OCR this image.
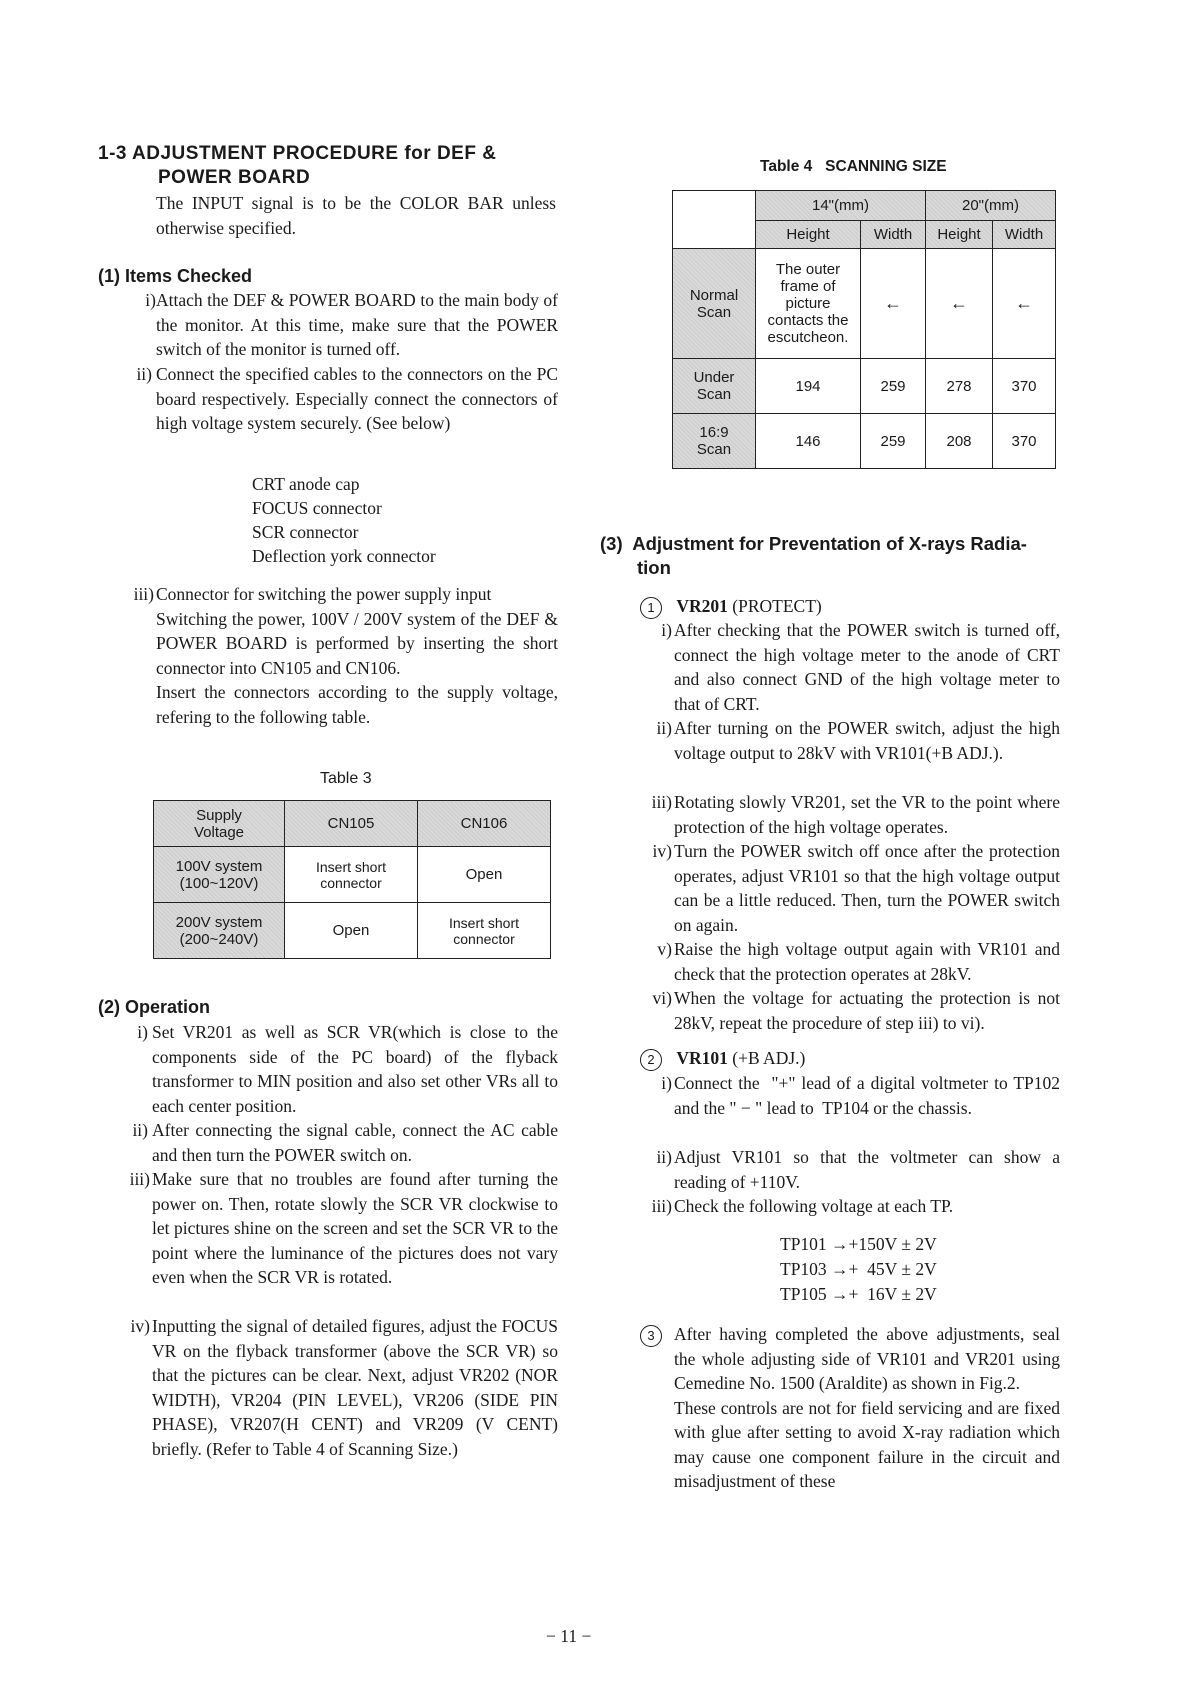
1-3 ADJUSTMENT PROCEDURE for DEF &
POWER BOARD
The INPUT signal is to be the COLOR BAR unless otherwise specified.
(1) Items Checked
i) Attach the DEF & POWER BOARD to the main body of the monitor. At this time, make sure that the POWER switch of the monitor is turned off.
ii) Connect the specified cables to the connectors on the PC board respectively. Especially connect the connectors of high voltage system securely. (See below)
CRT anode cap
FOCUS connector
SCR connector
Deflection york connector
iii) Connector for switching the power supply input
Switching the power, 100V / 200V system of the DEF & POWER BOARD is performed by inserting the short connector into CN105 and CN106.
Insert the connectors according to the supply voltage, refering to the following table.
Table 3
Supply
Voltage	CN105	CN106
100V system
(100~120V)	Insert short connector	Open
200V system
(200~240V)	Open	Insert short connector
(2) Operation
i) Set VR201 as well as SCR VR(which is close to the components side of the PC board) of the flyback transformer to MIN position and also set other VRs all to each center position.
ii) After connecting the signal cable, connect the AC cable and then turn the POWER switch on.
iii) Make sure that no troubles are found after turning the power on. Then, rotate slowly the SCR VR clockwise to let pictures shine on the screen and set the SCR VR to the point where the luminance of the pictures does not vary even when the SCR VR is rotated.
iv) Inputting the signal of detailed figures, adjust the FOCUS VR on the flyback transformer (above the SCR VR) so that the pictures can be clear. Next, adjust VR202 (NOR WIDTH), VR204 (PIN LEVEL), VR206 (SIDE PIN PHASE), VR207(H CENT) and VR209 (V CENT) briefly. (Refer to Table 4 of Scanning Size.)
Table 4   SCANNING SIZE
	14"(mm)		20"(mm)	
	Height	Width	Height	Width
Normal
Scan	The outer frame of picture contacts the escutcheon.	←	←	←
Under
Scan	194	259	278	370
16:9
Scan	146	259	208	370
(3)  Adjustment for Preventation of X-rays Radia-
tion
1 VR201 (PROTECT)
i) After checking that the POWER switch is turned off, connect the high voltage meter to the anode of CRT and also connect GND of the high voltage meter to that of CRT.
ii) After turning on the POWER switch, adjust the high voltage output to 28kV with VR101(+B ADJ.).
iii) Rotating slowly VR201, set the VR to the point where protection of the high voltage operates.
iv) Turn the POWER switch off once after the protection operates, adjust VR101 so that the high voltage output can be a little reduced. Then, turn the POWER switch on again.
v) Raise the high voltage output again with VR101 and check that the protection operates at 28kV.
vi) When the voltage for actuating the protection is not 28kV, repeat the procedure of step iii) to vi).
2 VR101 (+B ADJ.)
i) Connect the  "+" lead of a digital voltmeter to TP102 and the " − " lead to  TP104 or the chassis.
ii) Adjust VR101 so that the voltmeter can show a reading of +110V.
iii) Check the following voltage at each TP.
TP101 →+150V ± 2V
TP103 →+  45V ± 2V
TP105 →+  16V ± 2V
3	After having completed the above adjustments, seal the whole adjusting side of VR101 and VR201 using Cemedine No. 1500 (Araldite) as shown in Fig.2.
These controls are not for field servicing and are fixed with glue after setting to avoid X-ray radiation which may cause one component failure in the circuit and misadjustment of these
− 11 −
